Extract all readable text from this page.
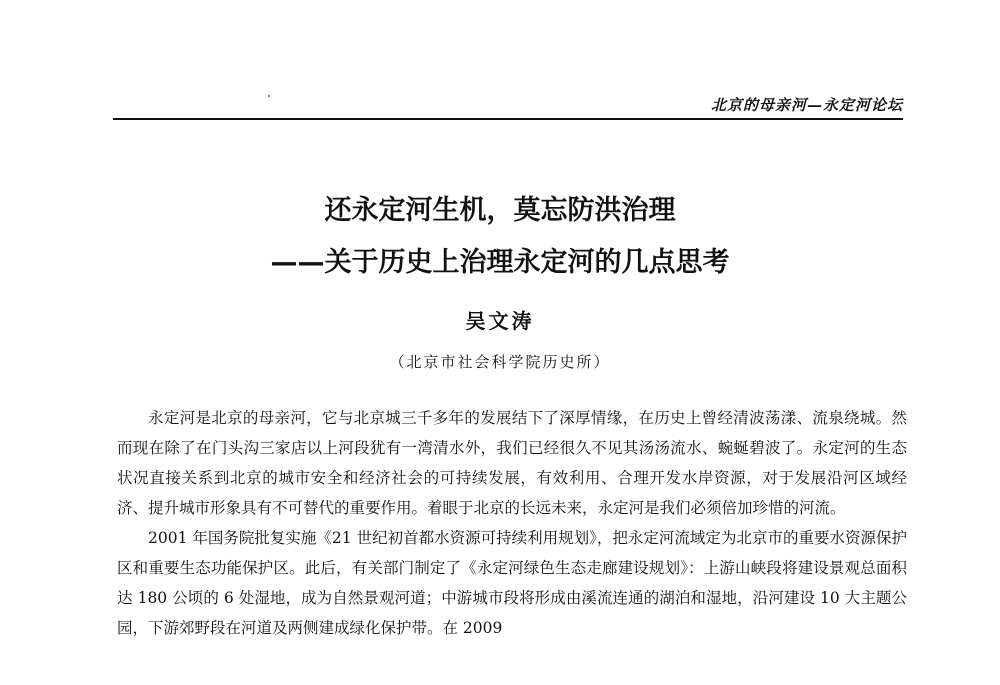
北京的母亲河—永定河论坛
还永定河生机，莫忘防洪治理
——关于历史上治理永定河的几点思考
吴文涛
（北京市社会科学院历史所）

永定河是北京的母亲河，它与北京城三千多年的发展结下了深厚情缘，在历史上曾经清波荡漾、流泉绕城。然而现在除了在门头沟三家店以上河段犹有一湾清水外，我们已经很久不见其汤汤流水、蜿蜒碧波了。永定河的生态状况直接关系到北京的城市安全和经济社会的可持续发展，有效利用、合理开发水岸资源，对于发展沿河区域经济、提升城市形象具有不可替代的重要作用。着眼于北京的长远未来，永定河是我们必须倍加珍惜的河流。

2001 年国务院批复实施《21 世纪初首都水资源可持续利用规划》，把永定河流域定为北京市的重要水资源保护区和重要生态功能保护区。此后，有关部门制定了《永定河绿色生态走廊建设规划》：上游山峡段将建设景观总面积达 180 公顷的 6 处湿地，成为自然景观河道；中游城市段将形成由溪流连通的湖泊和湿地，沿河建设 10 大主题公园，下游郊野段在河道及两侧建成绿化保护带。在 2009
